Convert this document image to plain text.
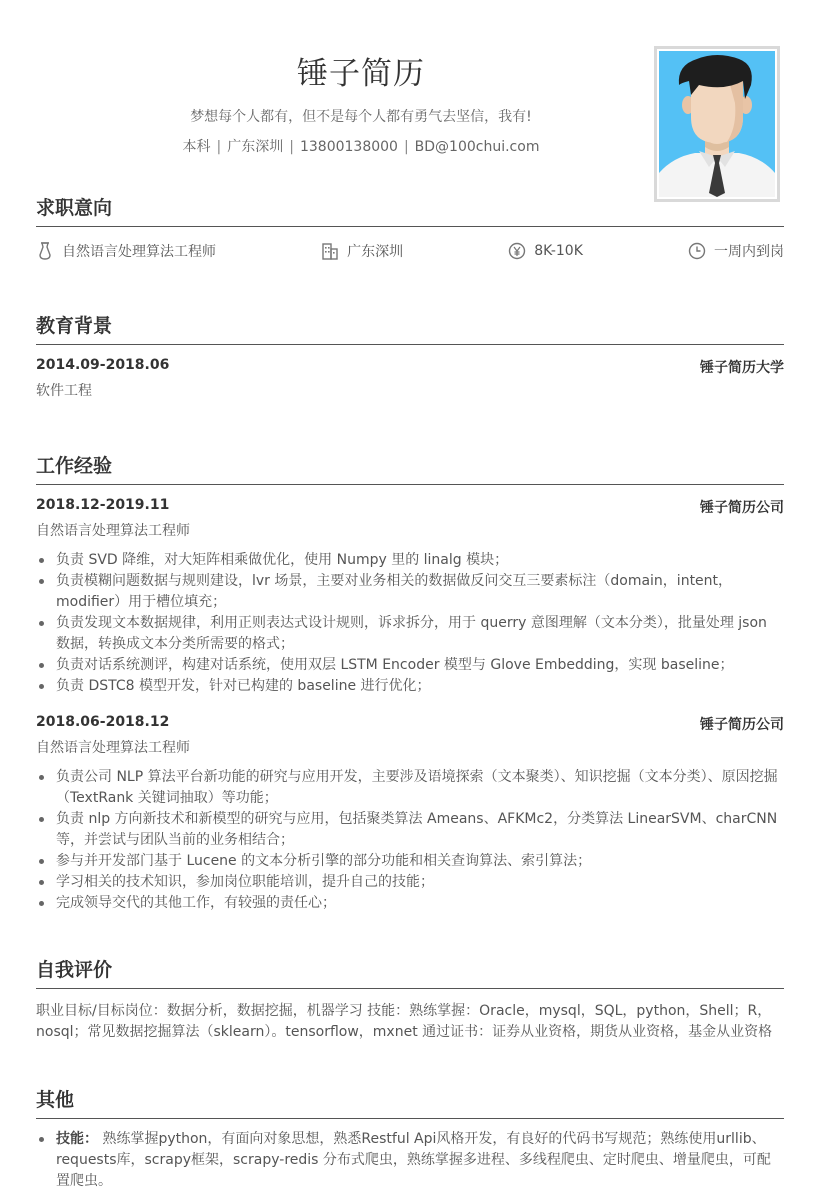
锤子简历
梦想每个人都有，但不是每个人都有勇气去坚信，我有!
本科 | 广东深圳 | 13800138000 | BD@100chui.com
求职意向
自然语言处理算法工程师	广东深圳	8K-10K	一周内到岗
教育背景
2014.09-2018.06	锤子简历大学
软件工程
工作经验
2018.12-2019.11	锤子简历公司
自然语言处理算法工程师
负责 SVD 降维，对大矩阵相乘做优化，使用 Numpy 里的 linalg 模块；
负责模糊问题数据与规则建设，lvr 场景，主要对业务相关的数据做反问交互三要素标注（domain，intent，modifier）用于槽位填充；
负责发现文本数据规律，利用正则表达式设计规则，诉求拆分，用于 querry 意图理解（文本分类），批量处理 json 数据，转换成文本分类所需要的格式；
负责对话系统测评，构建对话系统，使用双层 LSTM Encoder 模型与 Glove Embedding，实现 baseline；
负责 DSTC8 模型开发，针对已构建的 baseline 进行优化；
2018.06-2018.12	锤子简历公司
自然语言处理算法工程师
负责公司 NLP 算法平台新功能的研究与应用开发，主要涉及语境探索（文本聚类）、知识挖掘（文本分类）、原因挖掘（TextRank 关键词抽取）等功能；
负责 nlp 方向新技术和新模型的研究与应用，包括聚类算法 Ameans、AFKMc2，分类算法 LinearSVM、charCNN 等，并尝试与团队当前的业务相结合；
参与并开发部门基于 Lucene 的文本分析引擎的部分功能和相关查询算法、索引算法；
学习相关的技术知识，参加岗位职能培训，提升自己的技能；
完成领导交代的其他工作，有较强的责任心；
自我评价
职业目标/目标岗位：数据分析，数据挖掘，机器学习 技能：熟练掌握：Oracle，mysql，SQL，python，Shell；R，nosql；常见数据挖掘算法（sklearn）。tensorflow，mxnet 通过证书：证券从业资格，期货从业资格，基金从业资格
其他
技能： 熟练掌握python，有面向对象思想，熟悉Restful Api风格开发，有良好的代码书写规范；熟练使用urllib、requests库，scrapy框架，scrapy-redis 分布式爬虫，熟练掌握多进程、多线程爬虫、定时爬虫、增量爬虫，可配置爬虫。
